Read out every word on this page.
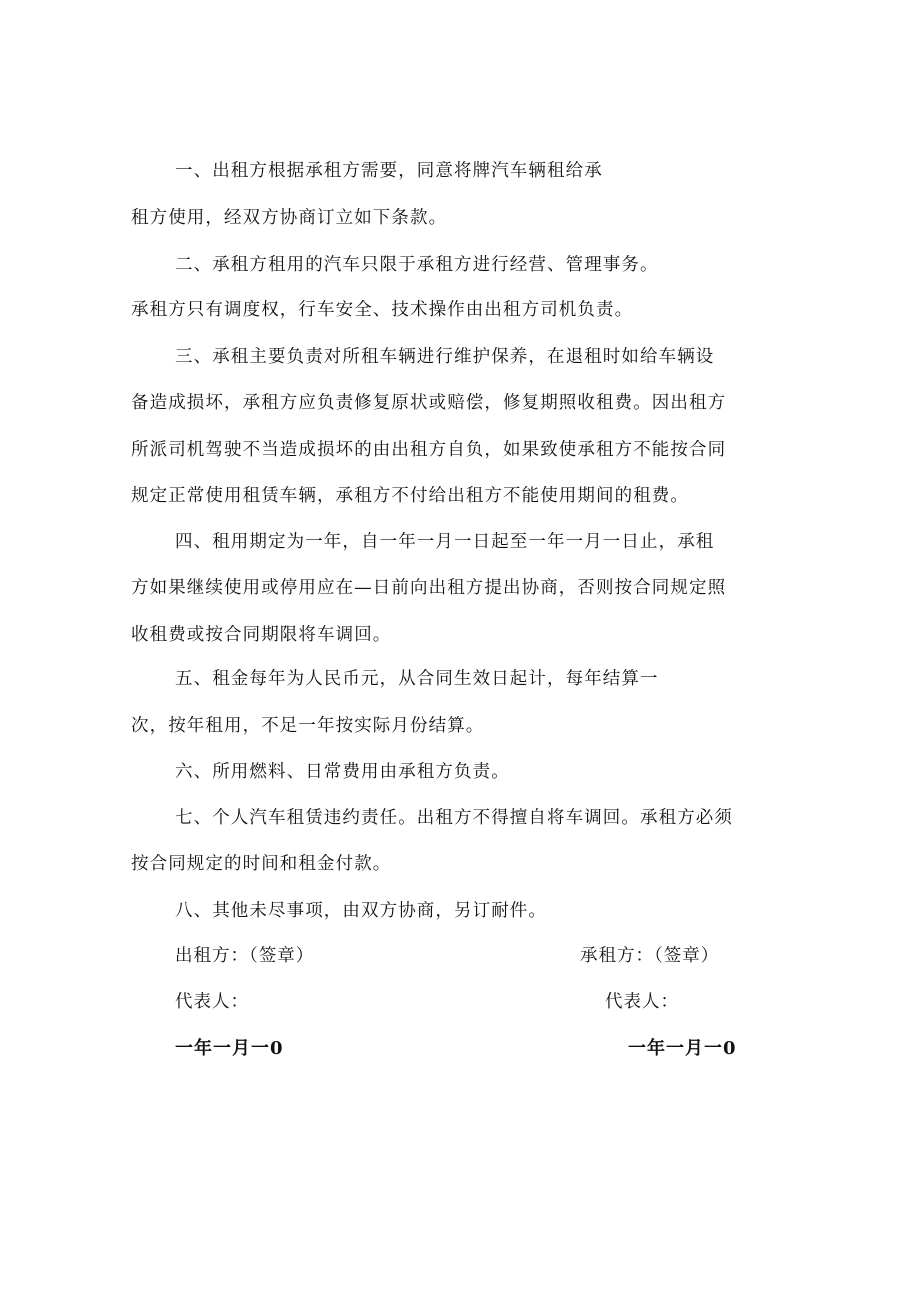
一、出租方根据承租方需要，同意将牌汽车辆租给承
租方使用，经双方协商订立如下条款。
二、承租方租用的汽车只限于承租方进行经营、管理事务。
承租方只有调度权，行车安全、技术操作由出租方司机负责。
三、承租主要负责对所租车辆进行维护保养，在退租时如给车辆设
备造成损坏，承租方应负责修复原状或赔偿，修复期照收租费。因出租方
所派司机驾驶不当造成损坏的由出租方自负，如果致使承租方不能按合同
规定正常使用租赁车辆，承租方不付给出租方不能使用期间的租费。
四、租用期定为一年，自一年一月一日起至一年一月一日止，承租
方如果继续使用或停用应在—日前向出租方提出协商，否则按合同规定照
收租费或按合同期限将车调回。
五、租金每年为人民币元，从合同生效日起计，每年结算一
次，按年租用，不足一年按实际月份结算。
六、所用燃料、日常费用由承租方负责。
七、个人汽车租赁违约责任。出租方不得擅自将车调回。承租方必须
按合同规定的时间和租金付款。
八、其他未尽事项，由双方协商，另订耐件。
出租方：（签章）	承租方：（签章）
代表人：	代表人：
一年一月一0	一年一月一0
